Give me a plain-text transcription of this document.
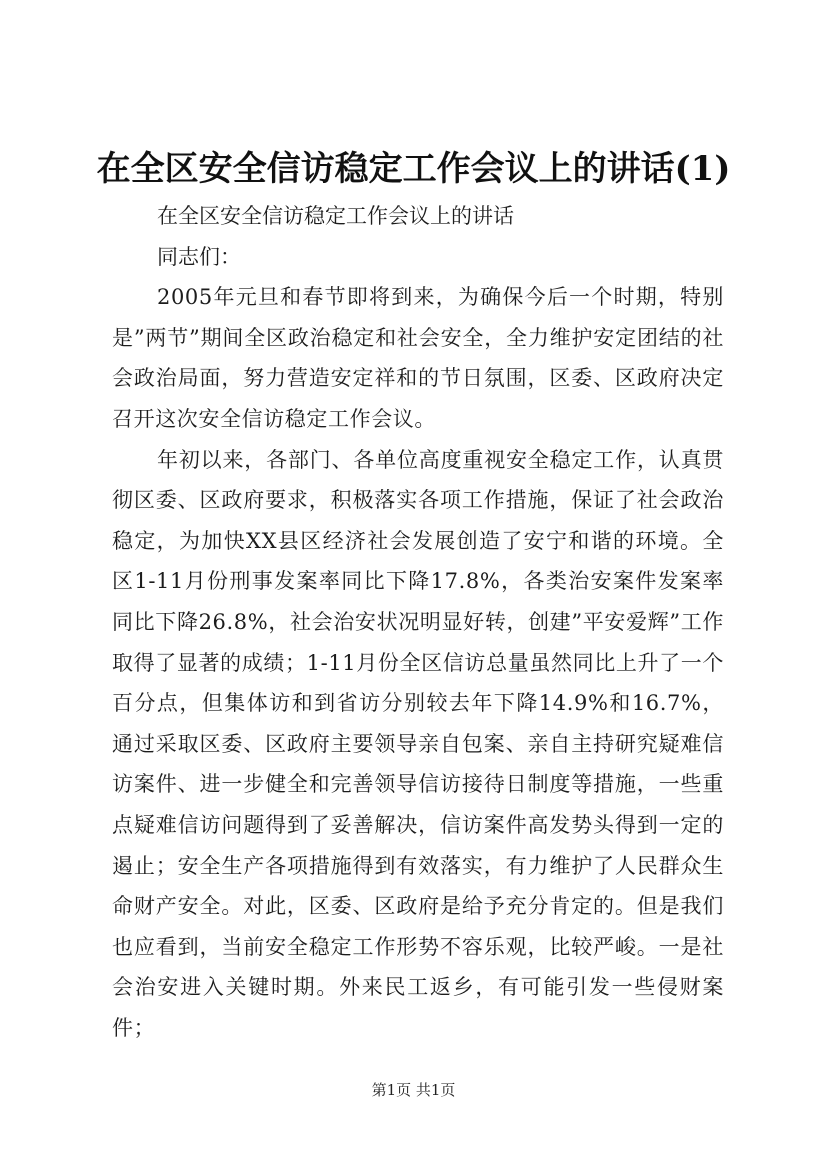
在全区安全信访稳定工作会议上的讲话(1)

在全区安全信访稳定工作会议上的讲话

同志们：

2005年元旦和春节即将到来，为确保今后一个时期，特别是”两节”期间全区政治稳定和社会安全，全力维护安定团结的社会政治局面，努力营造安定祥和的节日氛围，区委、区政府决定召开这次安全信访稳定工作会议。

年初以来，各部门、各单位高度重视安全稳定工作，认真贯彻区委、区政府要求，积极落实各项工作措施，保证了社会政治稳定，为加快XX县区经济社会发展创造了安宁和谐的环境。全区1-11月份刑事发案率同比下降17.8%，各类治安案件发案率同比下降26.8%，社会治安状况明显好转，创建”平安爱辉”工作取得了显著的成绩；1-11月份全区信访总量虽然同比上升了一个百分点，但集体访和到省访分别较去年下降14.9%和16.7%，通过采取区委、区政府主要领导亲自包案、亲自主持研究疑难信访案件、进一步健全和完善领导信访接待日制度等措施，一些重点疑难信访问题得到了妥善解决，信访案件高发势头得到一定的遏止；安全生产各项措施得到有效落实，有力维护了人民群众生命财产安全。对此，区委、区政府是给予充分肯定的。但是我们也应看到，当前安全稳定工作形势不容乐观，比较严峻。一是社会治安进入关键时期。外来民工返乡，有可能引发一些侵财案件；

第1页 共1页
